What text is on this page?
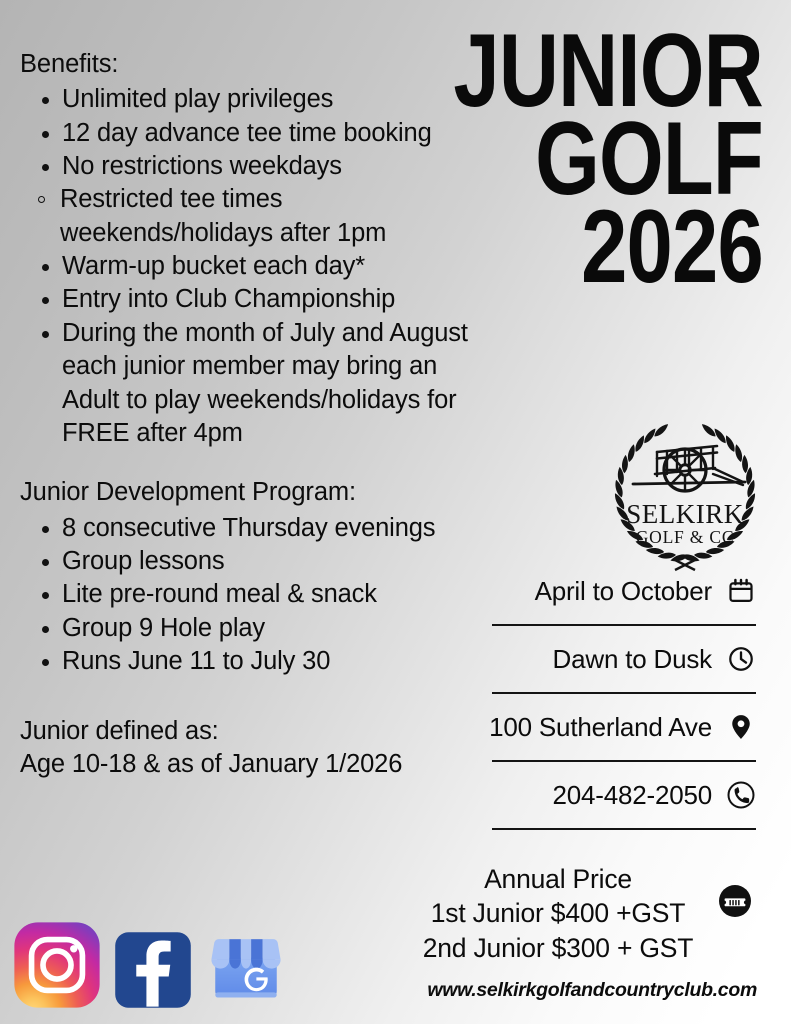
Benefits:
Unlimited play privileges
12 day advance tee time booking
No restrictions weekdays
Restricted tee times weekends/holidays after 1pm
Warm-up bucket each day*
Entry into Club Championship
During the month of July and August each junior member may bring an Adult to play weekends/holidays for FREE after 4pm
Junior Development Program:
8 consecutive Thursday evenings
Group lessons
Lite pre-round meal & snack
Group 9 Hole play
Runs June 11 to July 30
Junior defined as:
Age 10-18 & as of January 1/2026
JUNIOR
GOLF
2026
SELKIRK
GOLF & CC
April to October
Dawn to Dusk
100 Sutherland Ave
204-482-2050
Annual Price
1st Junior $400 +GST
2nd Junior $300 + GST
www.selkirkgolfandcountryclub.com
